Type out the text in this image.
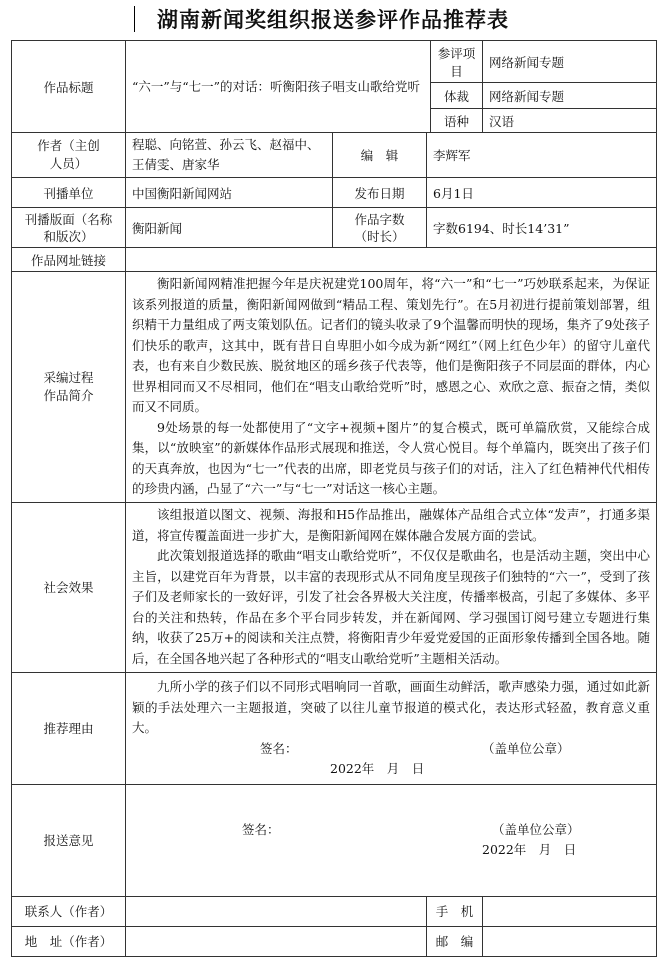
湖南新闻奖组织报送参评作品推荐表
作品标题	“六一”与“七一”的对话：听衡阳孩子唱支山歌给党听			参评项目	网络新闻专题
				体裁	网络新闻专题
				语种	汉语

作者（主创人员）	程聪、向铭萱、孙云飞、赵福中、王倩雯、唐家华	编　辑	李辉军		
刊播单位	中国衡阳新闻网站	发布日期	6月1日		

刊播版面（名称和版次）	衡阳新闻	作品字数（时长）	字数6194、时长14’31”		
作品网址链接					

采编过程作品简介	衡阳新闻网精准把握今年是庆祝建党100周年，将“六一”和“七一”巧妙联系起来，为保证该系列报道的质量，衡阳新闻网做到“精品工程、策划先行”。在5月初进行提前策划部署，组织精干力量组成了两支策划队伍。记者们的镜头收录了9个温馨而明快的现场，集齐了9处孩子们快乐的歌声，这其中，既有昔日自卑胆小如今成为新“网红”（网上红色少年）的留守儿童代表，也有来自少数民族、脱贫地区的瑶乡孩子代表等，他们是衡阳孩子不同层面的群体，内心世界相同而又不尽相同，他们在“唱支山歌给党听”时，感恩之心、欢欣之意、振奋之情，类似而又不同质。

9处场景的每一处都使用了“文字+视频+图片”的复合模式，既可单篇欣赏，又能综合成集，以“放映室”的新媒体作品形式展现和推送，令人赏心悦目。每个单篇内，既突出了孩子们的天真奔放，也因为“七一”代表的出席，即老党员与孩子们的对话，注入了红色精神代代相传的珍贵内涵，凸显了“六一”与“七一”对话这一核心主题。				

社会效果	该组报道以图文、视频、海报和H5作品推出，融媒体产品组合式立体“发声”，打通多渠道，将宣传覆盖面进一步扩大，是衡阳新闻网在媒体融合发展方面的尝试。

此次策划报道选择的歌曲“唱支山歌给党听”，不仅仅是歌曲名，也是活动主题，突出中心主旨，以建党百年为背景，以丰富的表现形式从不同角度呈现孩子们独特的“六一”，受到了孩子们及老师家长的一致好评，引发了社会各界极大关注度，传播率极高，引起了多媒体、多平台的关注和热转，作品在多个平台同步转发，并在新闻网、学习强国订阅号建立专题进行集纳，收获了25万+的阅读和关注点赞，将衡阳青少年爱党爱国的正面形象传播到全国各地。随后，在全国各地兴起了各种形式的“唱支山歌给党听”主题相关活动。				

推荐理由	九所小学的孩子们以不同形式唱响同一首歌，画面生动鲜活，歌声感染力强，通过如此新颖的手法处理六一主题报道，突破了以往儿童节报道的模式化，表达形式轻盈，教育意义重大。

签名： （盖单位公章）
2022年　月　日				

报送意见	签名： （盖单位公章）
2022年　月　日				

联系人（作者）			手　机		
地　址（作者）			邮　编		
